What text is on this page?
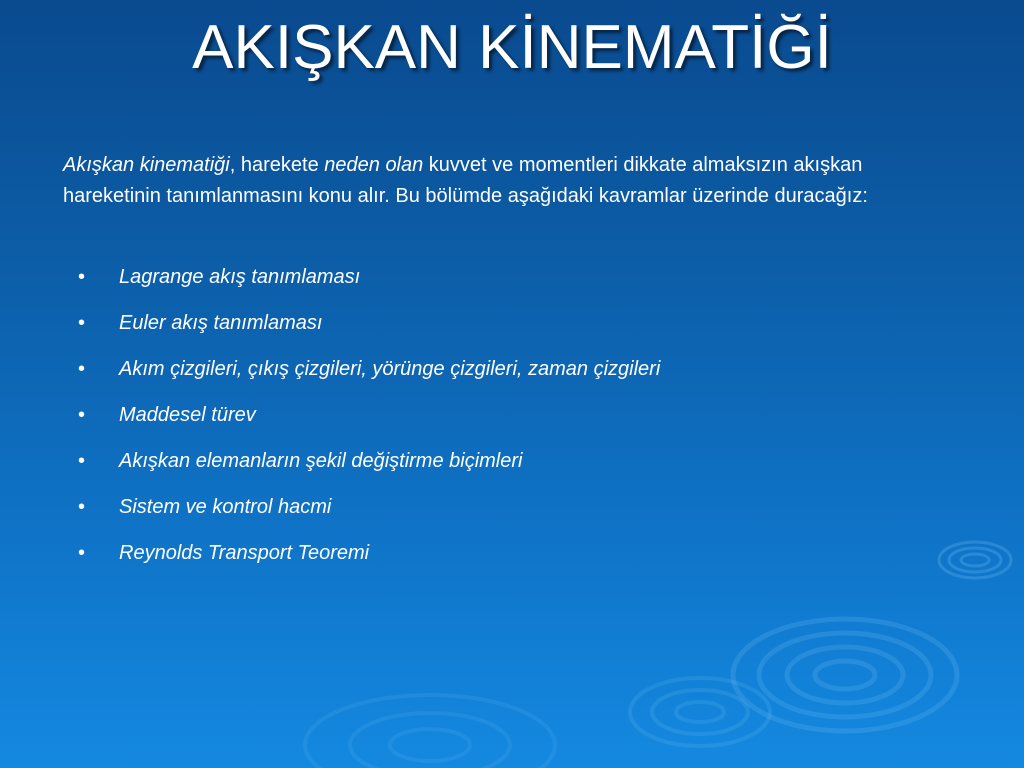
AKIŞKAN KİNEMATİĞİ

Akışkan kinematiği, harekete neden olan kuvvet ve momentleri dikkate almaksızın akışkan hareketinin tanımlanmasını konu alır. Bu bölümde aşağıdaki kavramlar üzerinde duracağız:

• Lagrange akış tanımlaması
• Euler akış tanımlaması
• Akım çizgileri, çıkış çizgileri, yörünge çizgileri, zaman çizgileri
• Maddesel türev
• Akışkan elemanların şekil değiştirme biçimleri
• Sistem ve kontrol hacmi
• Reynolds Transport Teoremi
